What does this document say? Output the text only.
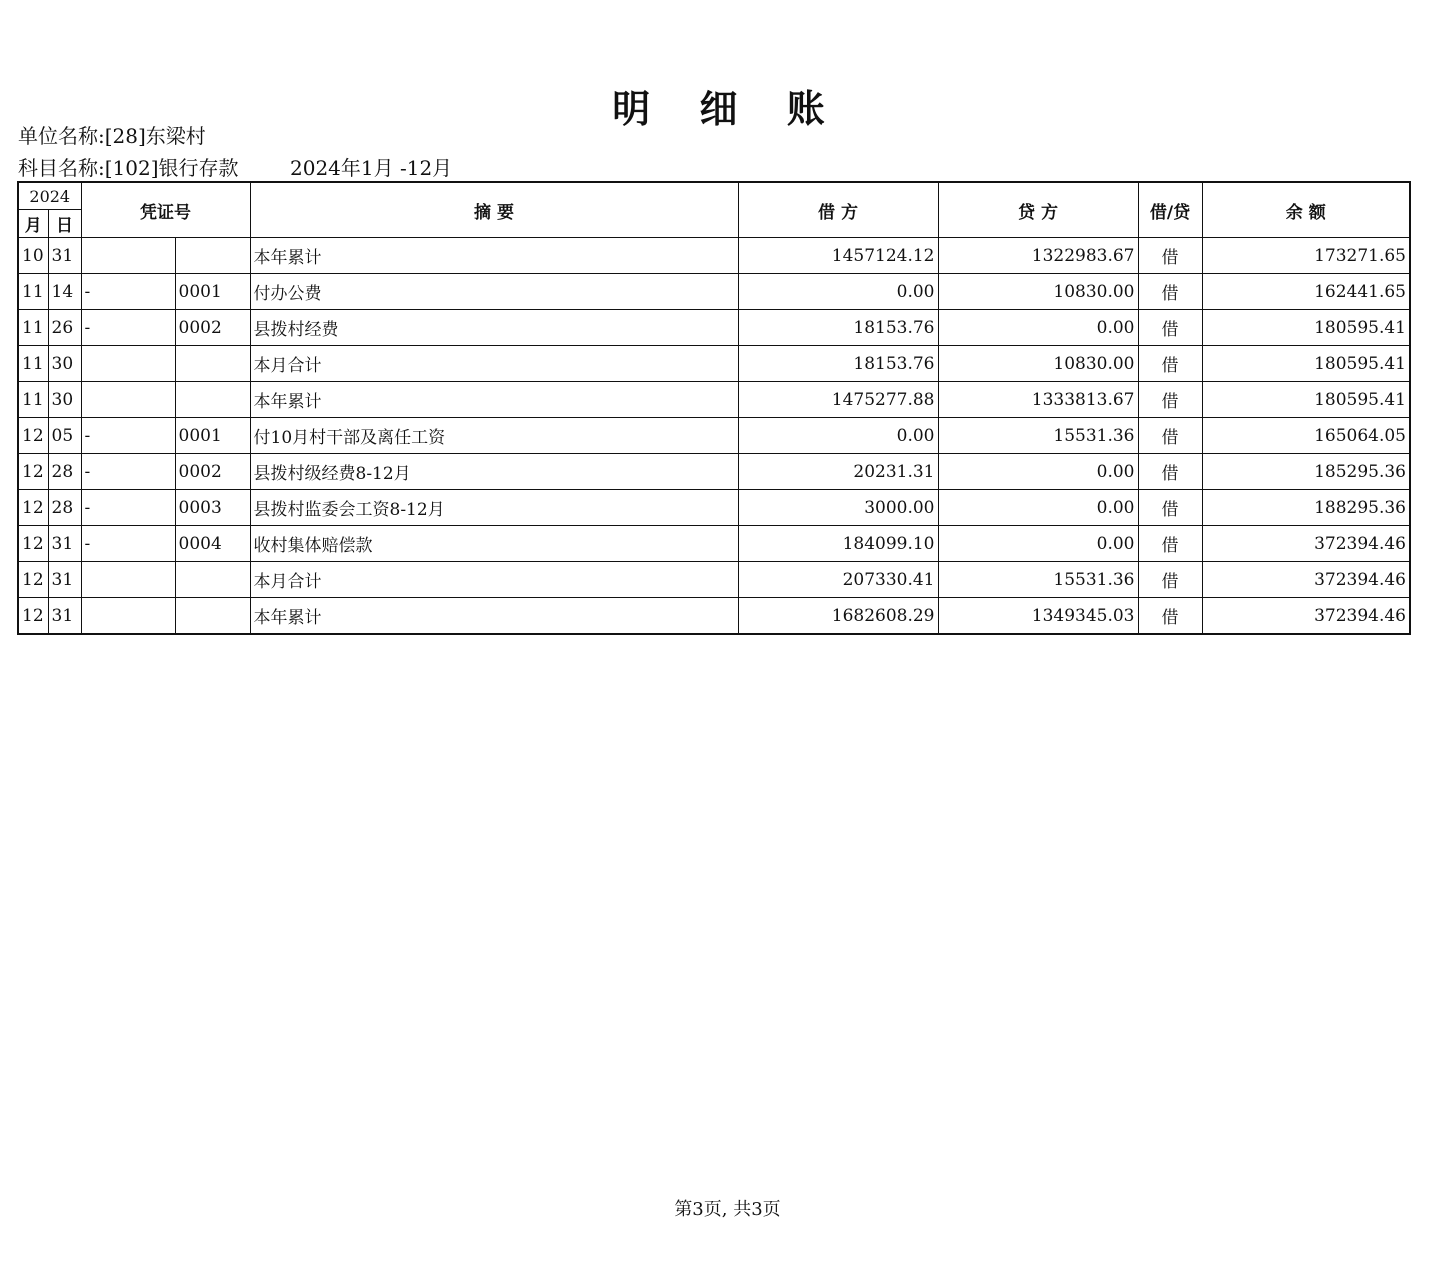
明 细 账
单位名称:[28]东梁村
科目名称:[102]银行存款	2024年1月 -12月
2024		凭证号		摘 要	借 方	贷 方	借/贷	余 额
月	日							
10	31			本年累计	1457124.12	1322983.67	借	173271.65
11	14	-	0001	付办公费	0.00	10830.00	借	162441.65
11	26	-	0002	县拨村经费	18153.76	0.00	借	180595.41
11	30			本月合计	18153.76	10830.00	借	180595.41
11	30			本年累计	1475277.88	1333813.67	借	180595.41
12	05	-	0001	付10月村干部及离任工资	0.00	15531.36	借	165064.05
12	28	-	0002	县拨村级经费8-12月	20231.31	0.00	借	185295.36
12	28	-	0003	县拨村监委会工资8-12月	3000.00	0.00	借	188295.36
12	31	-	0004	收村集体赔偿款	184099.10	0.00	借	372394.46
12	31			本月合计	207330.41	15531.36	借	372394.46
12	31			本年累计	1682608.29	1349345.03	借	372394.46
第3页, 共3页
